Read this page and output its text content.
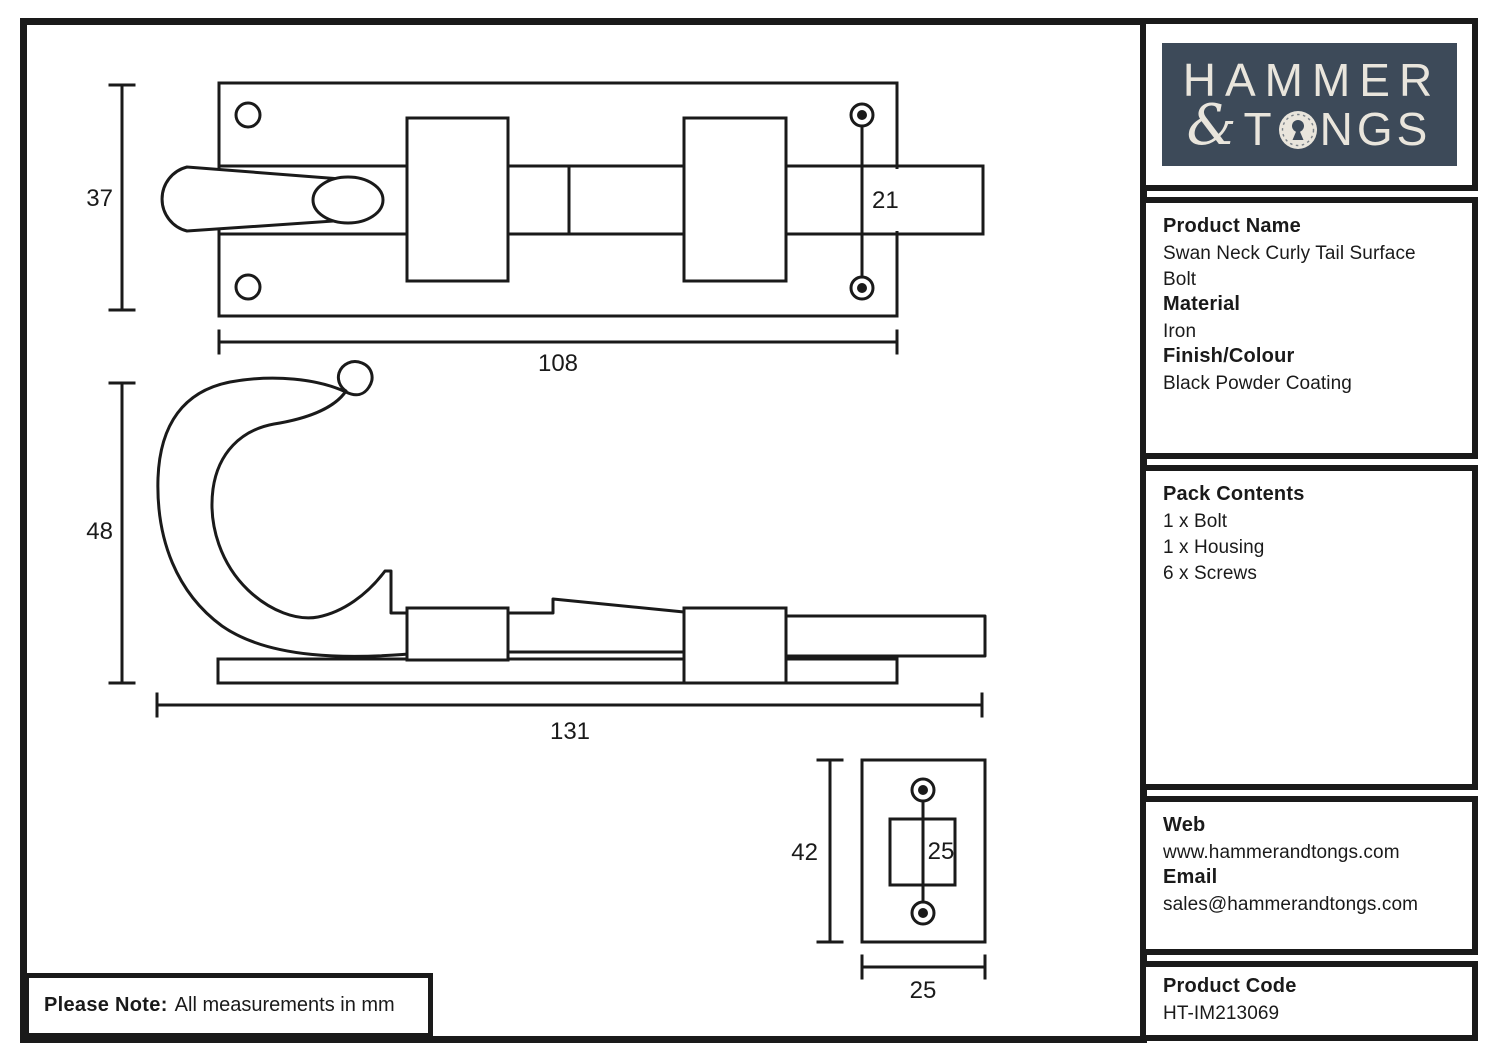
37
108
21
48
131
42	25
25
Please Note: All measurements in mm
HAMMER
& T NGS
Product Name

Swan Neck Curly Tail Surface

Bolt

Material

Iron

Finish/Colour

Black Powder Coating

Pack Contents

1 x Bolt

1 x Housing

6 x Screws

Web

www.hammerandtongs.com

Email

sales@hammerandtongs.com

Product Code

HT-IM213069
